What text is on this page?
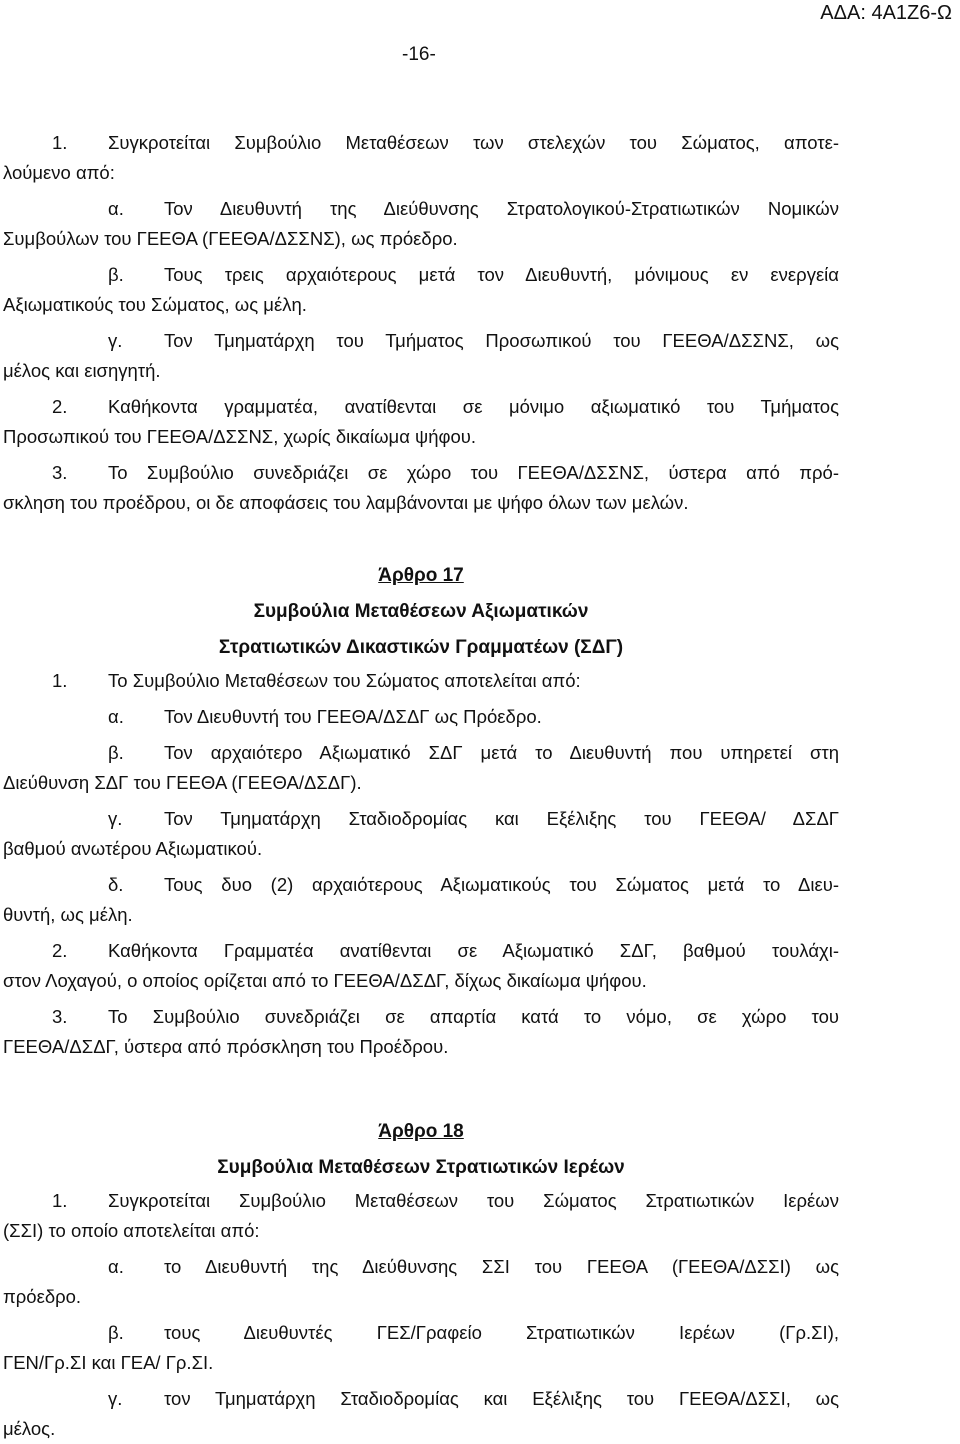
ΑΔΑ: 4Α1Ζ6-Ω
-16-

1. Συγκροτείται Συμβούλιο Μεταθέσεων των στελεχών του Σώματος, αποτε-
λούμενο από:

α. Τον Διευθυντή της Διεύθυνσης Στρατολογικού-Στρατιωτικών Νομικών
Συμβούλων του ΓΕΕΘΑ (ΓΕΕΘΑ/ΔΣΣΝΣ), ως πρόεδρο.

β. Τους τρεις αρχαιότερους μετά τον Διευθυντή, μόνιμους εν ενεργεία
Αξιωματικούς του Σώματος, ως μέλη.

γ. Τον Τμηματάρχη του Τμήματος Προσωπικού του ΓΕΕΘΑ/ΔΣΣΝΣ, ως
μέλος και εισηγητή.

2. Καθήκοντα γραμματέα, ανατίθενται σε μόνιμο αξιωματικό του Τμήματος
Προσωπικού του ΓΕΕΘΑ/ΔΣΣΝΣ, χωρίς δικαίωμα ψήφου.

3. Το Συμβούλιο συνεδριάζει σε χώρο του ΓΕΕΘΑ/ΔΣΣΝΣ, ύστερα από πρό-
σκληση του προέδρου, οι δε αποφάσεις του λαμβάνονται με ψήφο όλων των μελών.

Άρθρο 17

Συμβούλια Μεταθέσεων Αξιωματικών

Στρατιωτικών Δικαστικών Γραμματέων (ΣΔΓ)

1. Το Συμβούλιο Μεταθέσεων του Σώματος αποτελείται από:

α. Τον Διευθυντή του ΓΕΕΘΑ/ΔΣΔΓ ως Πρόεδρο.

β. Τον αρχαιότερο Αξιωματικό ΣΔΓ μετά το Διευθυντή που υπηρετεί στη
Διεύθυνση ΣΔΓ του ΓΕΕΘΑ (ΓΕΕΘΑ/ΔΣΔΓ).

γ. Τον Τμηματάρχη Σταδιοδρομίας και Εξέλιξης του ΓΕΕΘΑ/ ΔΣΔΓ
βαθμού ανωτέρου Αξιωματικού.

δ. Τους δυο (2) αρχαιότερους Αξιωματικούς του Σώματος μετά το Διευ-
θυντή, ως μέλη.

2. Καθήκοντα Γραμματέα ανατίθενται σε Αξιωματικό ΣΔΓ, βαθμού τουλάχι-
στον Λοχαγού, ο οποίος ορίζεται από το ΓΕΕΘΑ/ΔΣΔΓ, δίχως δικαίωμα ψήφου.

3. Το Συμβούλιο συνεδριάζει σε απαρτία κατά το νόμο, σε χώρο του
ΓΕΕΘΑ/ΔΣΔΓ, ύστερα από πρόσκληση του Προέδρου.

Άρθρο 18

Συμβούλια Μεταθέσεων Στρατιωτικών Ιερέων

1. Συγκροτείται Συμβούλιο Μεταθέσεων του Σώματος Στρατιωτικών Ιερέων
(ΣΣΙ) το οποίο αποτελείται από:

α. το Διευθυντή της Διεύθυνσης ΣΣΙ του ΓΕΕΘΑ (ΓΕΕΘΑ/ΔΣΣΙ) ως
πρόεδρο.

β. τους Διευθυντές ΓΕΣ/Γραφείο Στρατιωτικών Ιερέων (Γρ.ΣΙ),
ΓΕΝ/Γρ.ΣΙ και ΓΕΑ/ Γρ.ΣΙ.

γ. τον Τμηματάρχη Σταδιοδρομίας και Εξέλιξης του ΓΕΕΘΑ/ΔΣΣΙ, ως
μέλος.
